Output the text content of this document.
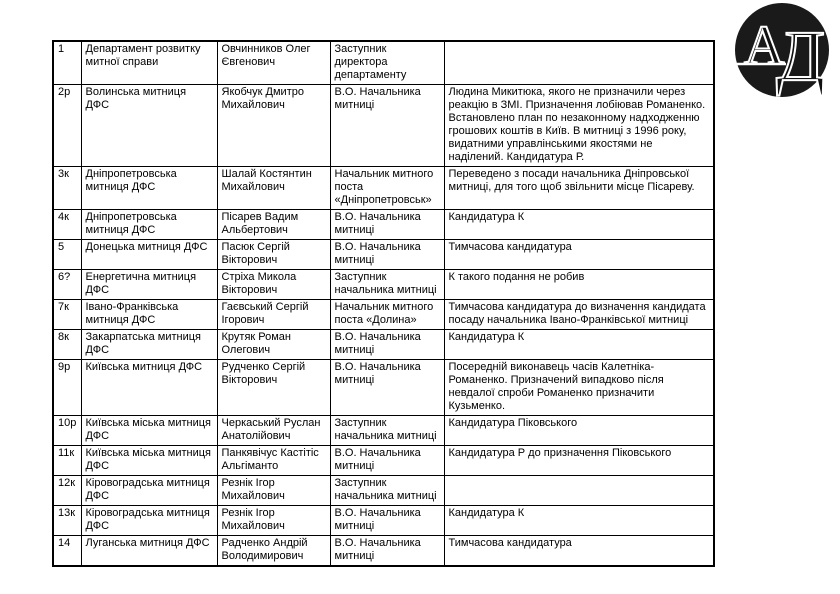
1	Департамент розвитку митної справи	Овчинников Олег Євгенович	Заступник директора департаменту	
2р	Волинська митниця ДФС	Якобчук Дмитро Михайлович	В.О. Начальника митниці	Людина Микитюка, якого не призначили через реакцію в ЗМІ. Призначення лобіював Романенко. Встановлено план по незаконному надходженню грошових коштів в Київ. В митниці з 1996 року, видатними управлінськими якостями не наділений. Кандидатура Р.
3к	Дніпропетровська митниця ДФС	Шалай Костянтин Михайлович	Начальник митного поста «Дніпропетровськ»	Переведено з посади начальника Дніпровської митниці, для того щоб звільнити місце Пісареву.
4к	Дніпропетровська митниця ДФС	Пісарев Вадим Альбертович	В.О. Начальника митниці	Кандидатура К
5	Донецька митниця ДФС	Пасюк Сергій Вікторович	В.О. Начальника митниці	Тимчасова кандидатура
6?	Енергетична митниця ДФС	Стріха Микола Вікторович	Заступник начальника митниці	К такого подання не робив
7к	Івано-Франківська митниця ДФС	Гаєвський Сергій Ігорович	Начальник митного поста «Долина»	Тимчасова кандидатура до визначення кандидата посаду начальника Івано-Франківської митниці
8к	Закарпатська митниця ДФС	Крутяк Роман Олегович	В.О. Начальника митниці	Кандидатура К
9р	Київська митниця ДФС	Рудченко Сергій Вікторович	В.О. Начальника митниці	Посередній виконавець часів Калетніка-Романенко. Призначений випадково після невдалої спроби Романенко призначити Кузьменко.
10р	Київська міська митниця ДФС	Черкаський Руслан Анатолійович	Заступник начальника митниці	Кандидатура Піковського
11к	Київська міська митниця ДФС	Панкявічус Кастітіс Альгіманто	В.О. Начальника митниці	Кандидатура Р до призначення Піковського
12к	Кіровоградська митниця ДФС	Резнік Ігор Михайлович	Заступник начальника митниці	
13к	Кіровоградська митниця ДФС	Резнік Ігор Михайлович	В.О. Начальника митниці	Кандидатура К
14	Луганська митниця ДФС	Радченко Андрій Володимирович	В.О. Начальника митниці	Тимчасова кандидатура
А
Д
